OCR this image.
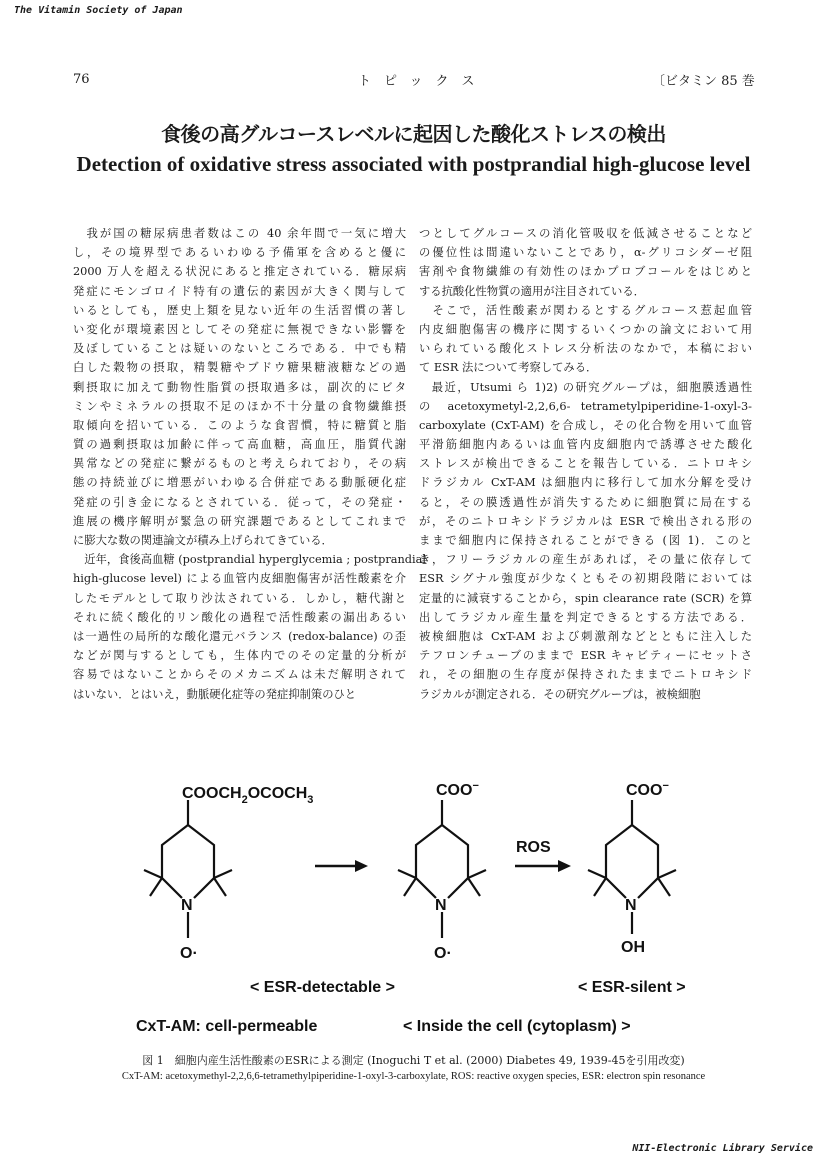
The Vitamin Society of Japan
76	トピックス	〔ビタミン 85 巻
食後の高グルコースレベルに起因した酸化ストレスの検出
Detection of oxidative stress associated with postprandial high-glucose level
　我が国の糖尿病患者数はこの 40 余年間で一気に増大
し，その境界型であるいわゆる予備軍を含めると優に
2000 万人を超える状況にあると推定されている．糖尿病
発症にモンゴロイド特有の遺伝的素因が大きく関与して
いるとしても，歴史上類を見ない近年の生活習慣の著し
い変化が環境素因としてその発症に無視できない影響を
及ぼしていることは疑いのないところである．中でも精
白した穀物の摂取，精製糖やブドウ糖果糖液糖などの過
剰摂取に加えて動物性脂質の摂取過多は，副次的にビタ
ミンやミネラルの摂取不足のほか不十分量の食物繊維摂
取傾向を招いている．このような食習慣，特に糖質と脂
質の過剰摂取は加齢に伴って高血糖，高血圧，脂質代謝
異常などの発症に繋がるものと考えられており，その病
態の持続並びに増悪がいわゆる合併症である動脈硬化症
発症の引き金になるとされている．従って，その発症・
進展の機序解明が緊急の研究課題であるとしてこれまで
に膨大な数の関連論文が積み上げられてきている．
　近年，食後高血糖 (postprandial hyperglycemia ; postprandial
high-glucose level) による血管内皮細胞傷害が活性酸素を介
したモデルとして取り沙汰されている．しかし，糖代謝と
それに続く酸化的リン酸化の過程で活性酸素の漏出あるい
は一過性の局所的な酸化還元バランス (redox-balance) の歪
などが関与するとしても，生体内でのその定量的分析が
容易ではないことからそのメカニズムは未だ解明されて
はいない．とはいえ，動脈硬化症等の発症抑制策のひと
つとしてグルコースの消化管吸収を低減させることなど
の優位性は間違いないことであり，α-グリコシダーゼ阻
害剤や食物繊維の有効性のほかプロブコールをはじめと
する抗酸化性物質の適用が注目されている．
　そこで，活性酸素が関わるとするグルコース惹起血管
内皮細胞傷害の機序に関するいくつかの論文において用
いられている酸化ストレス分析法のなかで，本稿におい
て ESR 法について考察してみる．
　最近，Utsumi ら 1)2) の研究グループは，細胞膜透過性
の acetoxymetyl-2,2,6,6- tetrametylpiperidine-1-oxyl-3-
carboxylate (CxT-AM) を合成し，その化合物を用いて血管
平滑筋細胞内あるいは血管内皮細胞内で誘導させた酸化
ストレスが検出できることを報告している．ニトロキシ
ドラジカル CxT-AM は細胞内に移行して加水分解を受け
ると，その膜透過性が消失するために細胞質に局在する
が，そのニトロキシドラジカルは ESR で検出される形の
ままで細胞内に保持されることができる (図 1)．このと
き，フリーラジカルの産生があれば，その量に依存して
ESR シグナル強度が少なくともその初期段階においては
定量的に減衰することから，spin clearance rate (SCR) を算
出してラジカル産生量を判定できるとする方法である．
被検細胞は CxT-AM および刺激剤などとともに注入した
テフロンチューブのままで ESR キャビティーにセットさ
れ，その細胞の生存度が保持されたままでニトロキシド
ラジカルが測定される．その研究グループは，被検細胞
$COOCH_2OCOCH_3$
N
O·
COO−
N
O·
ROS
COO−
N
OH
< ESR-detectable >	< ESR-silent >
CxT-AM: cell-permeable	< Inside the cell (cytoplasm) >
図 1　細胞内産生活性酸素のESRによる測定 (Inoguchi T et al. (2000) Diabetes 49, 1939-45を引用改変)
CxT-AM: acetoxymethyl-2,2,6,6-tetramethylpiperidine-1-oxyl-3-carboxylate, ROS: reactive oxygen species, ESR: electron spin resonance
NII-Electronic Library Service
